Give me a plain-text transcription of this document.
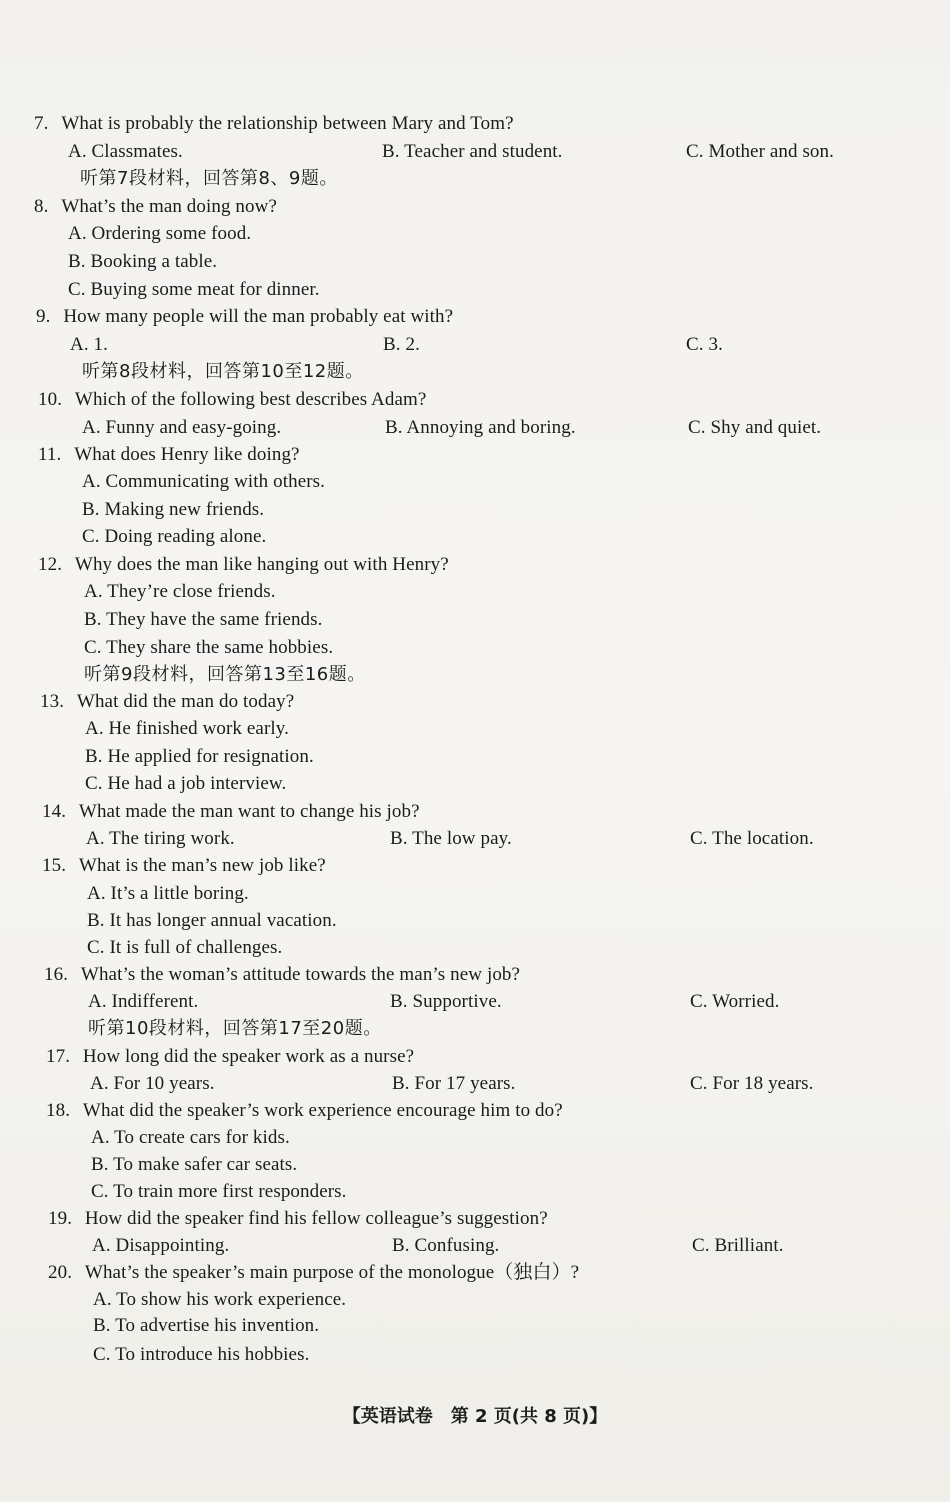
7. What is probably the relationship between Mary and Tom?
A. Classmates.	B. Teacher and student.	C. Mother and son.
听第7段材料，回答第8、9题。
8. What’s the man doing now?
A. Ordering some food.
B. Booking a table.
C. Buying some meat for dinner.
9. How many people will the man probably eat with?
A. 1.	B. 2.	C. 3.
听第8段材料，回答第10至12题。
10. Which of the following best describes Adam?
A. Funny and easy-going.	B. Annoying and boring.	C. Shy and quiet.
11. What does Henry like doing?
A. Communicating with others.
B. Making new friends.
C. Doing reading alone.
12. Why does the man like hanging out with Henry?
A. They’re close friends.
B. They have the same friends.
C. They share the same hobbies.
听第9段材料，回答第13至16题。
13. What did the man do today?
A. He finished work early.
B. He applied for resignation.
C. He had a job interview.
14. What made the man want to change his job?
A. The tiring work.	B. The low pay.	C. The location.
15. What is the man’s new job like?
A. It’s a little boring.
B. It has longer annual vacation.
C. It is full of challenges.
16. What’s the woman’s attitude towards the man’s new job?
A. Indifferent.	B. Supportive.	C. Worried.
听第10段材料，回答第17至20题。
17. How long did the speaker work as a nurse?
A. For 10 years.	B. For 17 years.	C. For 18 years.
18. What did the speaker’s work experience encourage him to do?
A. To create cars for kids.
B. To make safer car seats.
C. To train more first responders.
19. How did the speaker find his fellow colleague’s suggestion?
A. Disappointing.	B. Confusing.	C. Brilliant.
20. What’s the speaker’s main purpose of the monologue（独白）?
A. To show his work experience.
B. To advertise his invention.
C. To introduce his hobbies.
【英语试卷　第 2 页(共 8 页)】
